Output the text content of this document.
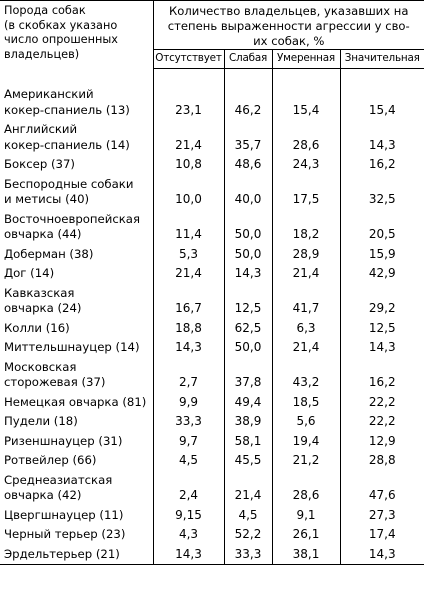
Порода собак
(в скобках указано
число опрошенных
владельцев)	Количество владельцев, указавших на
степень выраженности агрессии у сво-
их собак, %			

	Отсутствует	Слабая	Умеренная	Значительная

Американский
кокер-спаниель (13)	23,1	46,2	15,4	15,4

Английский
кокер-спаниель (14)	21,4	35,7	28,6	14,3

Боксер (37)	10,8	48,6	24,3	16,2

Беспородные собаки
и метисы (40)	10,0	40,0	17,5	32,5

Восточноевропейская
овчарка (44)	11,4	50,0	18,2	20,5

Доберман (38)	5,3	50,0	28,9	15,9

Дог (14)	21,4	14,3	21,4	42,9

Кавказская
овчарка (24)	16,7	12,5	41,7	29,2

Колли (16)	18,8	62,5	6,3	12,5

Миттельшнауцер (14)	14,3	50,0	21,4	14,3

Московская
сторожевая (37)	2,7	37,8	43,2	16,2

Немецкая овчарка (81)	9,9	49,4	18,5	22,2

Пудели (18)	33,3	38,9	5,6	22,2

Ризеншнауцер (31)	9,7	58,1	19,4	12,9

Ротвейлер (66)	4,5	45,5	21,2	28,8

Среднеазиатская
овчарка (42)	2,4	21,4	28,6	47,6

Цвергшнауцер (11)	9,15	4,5	9,1	27,3

Черный терьер (23)	4,3	52,2	26,1	17,4

Эрдельтерьер (21)	14,3	33,3	38,1	14,3
